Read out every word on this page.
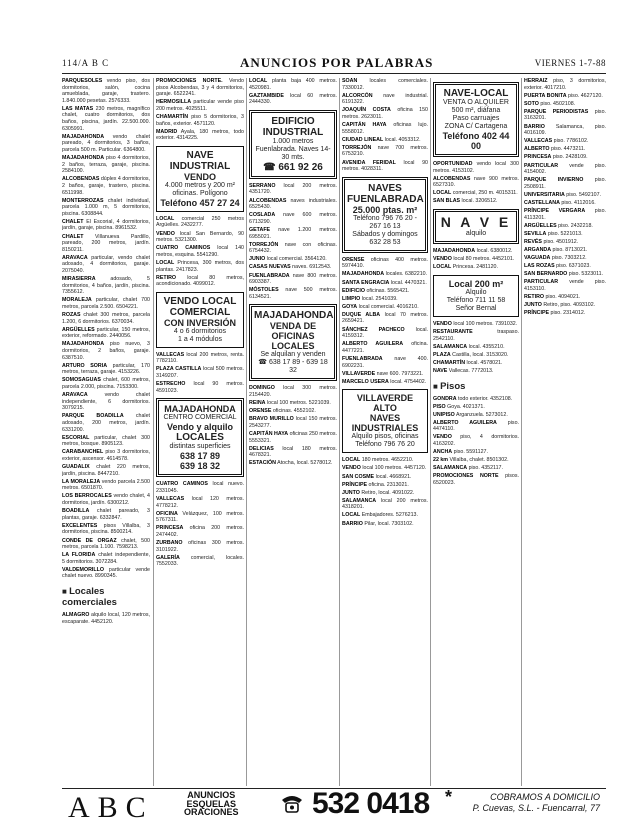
114/A B C	ANUNCIOS POR PALABRAS	VIERNES 1-7-88
PARQUESOLES vendo piso, dos dormitorios, salón, cocina amueblada, garaje, trastero. 1.840.000 pesetas. 2576333.
LAS MATAS 230 metros, magnífico chalet, cuatro dormitorios, dos baños, piscina, jardín. 22.500.000. 6305991.
MAJADAHONDA vendo chalet pareado, 4 dormitorios, 3 baños, parcela 500 m. Particular. 6364800.
MAJADAHONDA piso 4 dormitorios, 2 baños, terraza, garaje, piscina. 2584100.
ALCOBENDAS dúplex 4 dormitorios, 2 baños, garaje, trastero, piscina. 6511998.
MONTERROZAS chalet individual, parcela 1.000 m, 5 dormitorios, piscina. 6308844.
CHALET El Escorial, 4 dormitorios, jardín, garaje, piscina. 8961532.
CHALET Villanueva Pardillo, pareado, 200 metros, jardín. 8150211.
ARAVACA particular, vendo chalet adosado, 4 dormitorios, garaje. 2075040.
MIRASIERRA adosado, 5 dormitorios, 4 baños, jardín, piscina. 7355612.
MORALEJA particular, chalet 700 metros, parcela 2.500. 6504221.
ROZAS chalet 300 metros, parcela 1.200, 6 dormitorios. 6370034.
ARGÜELLES particular, 150 metros, exterior, reformado. 2440056.
MAJADAHONDA piso nuevo, 3 dormitorios, 2 baños, garaje. 6387510.
ARTURO SORIA particular, 170 metros, terraza, garaje. 4153226.
SOMOSAGUAS chalet, 600 metros, parcela 2.000, piscina. 7153300.
ARAVACA vendo chalet independiente, 6 dormitorios. 3079215.
PARQUE BOADILLA chalet adosado, 200 metros, jardín. 6331200.
ESCORIAL particular, chalet 300 metros, bosque. 8905123.
CARABANCHEL piso 3 dormitorios, exterior, ascensor. 4614578.
GUADALIX chalet 220 metros, jardín, piscina. 8447210.
LA MORALEJA vendo parcela 2.500 metros. 6501870.
LOS BERROCALES vendo chalet, 4 dormitorios, jardín. 6300212.
BOADILLA chalet pareado, 3 plantas, garaje. 6332847.
EXCELENTES pisos Villalba, 3 dormitorios, piscina. 8500214.
CONDE DE ORGAZ chalet, 500 metros, parcela 1.100. 7598213.
LA FLORIDA chalet independiente, 5 dormitorios. 3072284.
VALDEMORILLO particular vende chalet nuevo. 8990345.
■ Locales comerciales
ALMAGRO alquilo local, 120 metros, escaparate. 4452120.
PROMOCIONES NORTE. Vendo pisos Alcobendas, 3 y 4 dormitorios, garaje. 6522241.
HERMOSILLA particular vende piso 200 metros. 4025511.
CHAMARTÍN piso 5 dormitorios, 3 baños, exterior. 4571120.
MADRID Ayala, 180 metros, todo exterior. 4314225.
NAVE INDUSTRIAL
VENDO
4.000 metros y 200 m² oficinas. Polígono
Teléfono 457 27 24
LOCAL comercial 250 metros Argüelles. 2432277.
VENDO local San Bernardo, 90 metros. 5321300.
CUATRO CAMINOS local 140 metros, esquina. 5541290.
LOCAL Princesa, 300 metros, dos plantas. 2417823.
RETIRO local 80 metros, acondicionado. 4099012.
VENDO LOCAL COMERCIAL
CON INVERSIÓN
4 o 6 dormitorios
1 a 4 módulos
VALLECAS local 200 metros, renta. 7782110.
PLAZA CASTILLA local 500 metros. 3149207.
ESTRECHO local 90 metros. 4591023.
MAJADAHONDA
CENTRO COMERCIAL
Vendo y alquilo
LOCALES
distintas superficies
638 17 89
639 18 32
CUATRO CAMINOS local nuevo. 2331045.
VALLECAS local 120 metros. 4778212.
OFICINA Velázquez, 100 metros. 5767311.
PRINCESA oficina 200 metros. 2474402.
ZURBANO oficinas 300 metros. 3101922.
GALERÍA comercial, locales. 7552033.
LOCAL planta baja 400 metros. 4520981.
GAZTAMBIDE local 60 metros. 2444330.
EDIFICIO INDUSTRIAL
1.000 metros
Fuenlabrada. Naves 14-30 mts.
☎ 661 92 26
SERRANO local 200 metros. 4351720.
ALCOBENDAS naves industriales. 6525430.
COSLADA nave 600 metros. 6713290.
GETAFE nave 1.200 metros. 6955021.
TORREJÓN nave con oficinas. 6754432.
JUNIO local comercial. 3564120.
CASAS NUEVAS naves. 6912543.
FUENLABRADA nave 800 metros. 6903387.
MÓSTOLES nave 500 metros. 6134521.
MAJADAHONDA
VENDA DE OFICINAS
LOCALES
Se alquilan y venden
☎ 638 17 89 - 639 18 32
DOMINGO local 300 metros. 2154420.
REINA local 100 metros. 5221039.
ORENSE oficinas. 4552102.
BRAVO MURILLO local 150 metros. 2543277.
CAPITÁN HAYA oficinas 250 metros. 5553321.
DELICIAS local 180 metros. 4678321.
ESTACIÓN Atocha, local. 5278012.
SOAN locales comerciales. 7330012.
ALCORCÓN nave industrial. 6191322.
JOAQUÍN COSTA oficina 150 metros. 2623011.
CAPITÁN HAYA oficinas lujo. 5558012.
CIUDAD LINEAL local. 4053312.
TORREJÓN nave 700 metros. 6753210.
AVENIDA FERIDAL local 90 metros. 4028311.
NAVES
FUENLABRADA
25.000 ptas. m²
Teléfono 796 76 20 - 267 16 13
Sábados y domingos 632 28 53
ORENSE oficinas 400 metros. 5974410.
MAJADAHONDA locales. 6382210.
SANTA ENGRACIA local. 4470321.
EDIFICIO oficinas. 5565421.
LIMPIO local. 2541039.
GOYA local comercial. 4016210.
DUQUE ALBA local 70 metros. 2659421.
SÁNCHEZ PACHECO local. 4159312.
ALBERTO AGUILERA oficina. 4477221.
FUENLABRADA nave 400. 6902231.
VILLAVERDE nave 600. 7973221.
MARCELO USERA local. 4754402.
VILLAVERDE ALTO
NAVES INDUSTRIALES
Alquilo pisos, oficinas
Teléfono 796 76 20
LOCAL 180 metros. 4652210.
VENDO local 100 metros. 4457120.
SAN COSME local. 4668921.
PRÍNCIPE oficina. 2313021.
JUNTO Retiro, local. 4091022.
SALAMANCA local 200 metros. 4318201.
LOCAL Embajadores. 5276213.
BARRIO Pilar, local. 7303102.
NAVE-LOCAL
VENTA O ALQUILER
500 m², diáfana
Paso carruajes
ZONA C/ Cartagena
Teléfono 402 44 00
OPORTUNIDAD vendo local 300 metros. 4153102.
ALCOBENDAS nave 900 metros. 6527310.
LOCAL comercial, 250 m. 4015311.
SAN BLAS local. 3206512.
N A V E
alquilo
MAJADAHONDA local. 6380012.
VENDO local 80 metros. 4452101.
LOCAL Princesa. 2481120.
Local 200 m²
Alquilo
Teléfono 711 11 58
Señor Bernal
VENDO local 100 metros. 7391032.
RESTAURANTE traspaso. 2542110.
SALAMANCA local. 4355210.
PLAZA Castilla, local. 3153020.
CHAMARTÍN local. 4578021.
NAVE Vallecas. 7772013.
■ Pisos
GONDRA todo exterior. 4352108.
PISO Goya. 4021371.
UNIPISO Arganzuela. 5273012.
ALBERTO AGUILERA piso. 4474110.
VENDO piso, 4 dormitorios. 4163202.
ANCHA piso. 5591127.
22 km Villalba, chalet. 8501302.
SALAMANCA piso. 4352117.
PROMOCIONES NORTE pisos. 6520023.
HERRAIZ piso, 3 dormitorios, exterior. 4017210.
PUERTA BONITA piso. 4627120.
SOTO piso. 4502108.
PARQUE PERIODISTAS piso. 3163201.
BARRIO Salamanca, piso. 4016109.
VALLECAS piso. 7786102.
ALBERTO piso. 4473211.
PRINCESA piso. 2428109.
PARTICULAR vende piso. 4154002.
PARQUE INVIERNO piso. 2508911.
UNIVERSITARIA piso. 5492107.
CASTELLANA piso. 4112016.
PRÍNCIPE VERGARA piso. 4113201.
ARGÜELLES piso. 2432218.
SEVILLA piso. 5221013.
REVÉS piso. 4501912.
ARGANDA piso. 8713021.
VAGUADA piso. 7303212.
LAS ROZAS piso. 6371023.
SAN BERNARDO piso. 5323011.
PARTICULAR vende piso. 4153110.
RETIRO piso. 4094021.
JUNTO Retiro, piso. 4093102.
PRÍNCIPE piso. 2314012.
ABC	ANUNCIOS
ESQUELAS
ORACIONES 532 0418 *	COBRAMOS A DOMICILIO
P. Cuevas, S.L. - Fuencarral, 77
